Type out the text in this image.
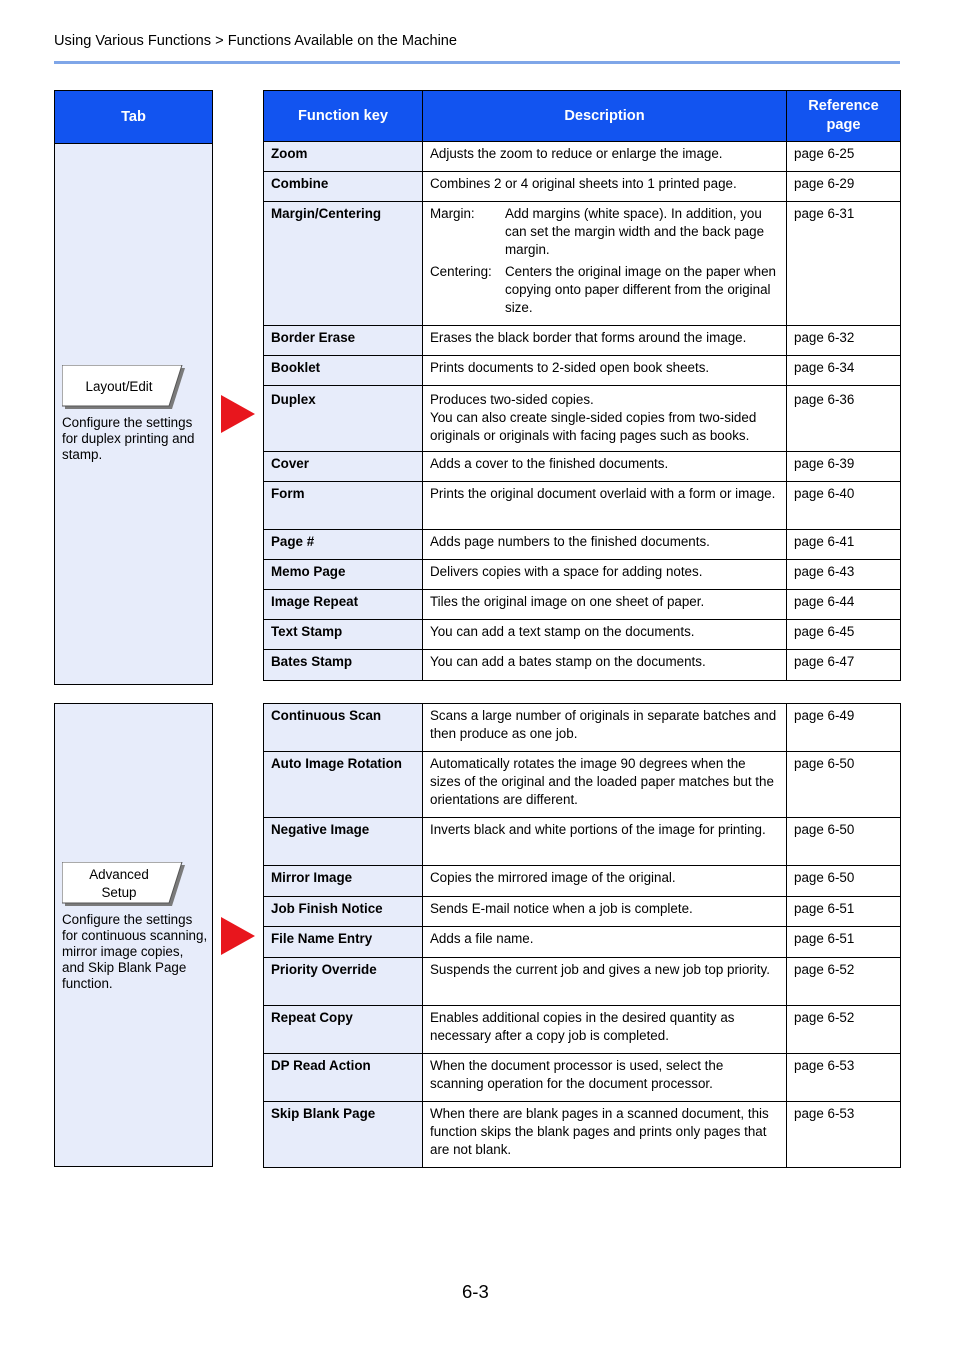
Using Various Functions > Functions Available on the Machine
Tab
Layout/Edit
Configure the settings for duplex printing and stamp.
Function key	Description	Reference page
Zoom	Adjusts the zoom to reduce or enlarge the image.	page 6-25
Combine	Combines 2 or 4 original sheets into 1 printed page.	page 6-29
Margin/Centering	Margin: Add margins (white space). In addition, you can set the margin width and the back page margin.
Centering: Centers the original image on the paper when copying onto paper different from the original size.	page 6-31
Border Erase	Erases the black border that forms around the image.	page 6-32
Booklet	Prints documents to 2-sided open book sheets.	page 6-34
Duplex	Produces two-sided copies.
You can also create single-sided copies from two-sided originals or originals with facing pages such as books.	page 6-36
Cover	Adds a cover to the finished documents.	page 6-39
Form	Prints the original document overlaid with a form or image.	page 6-40
Page #	Adds page numbers to the finished documents.	page 6-41
Memo Page	Delivers copies with a space for adding notes.	page 6-43
Image Repeat	Tiles the original image on one sheet of paper.	page 6-44
Text Stamp	You can add a text stamp on the documents.	page 6-45
Bates Stamp	You can add a bates stamp on the documents.	page 6-47
Advanced
Setup
Configure the settings for continuous scanning, mirror image copies, and Skip Blank Page function.
Continuous Scan	Scans a large number of originals in separate batches and then produce as one job.	page 6-49
Auto Image Rotation	Automatically rotates the image 90 degrees when the sizes of the original and the loaded paper matches but the orientations are different.	page 6-50
Negative Image	Inverts black and white portions of the image for printing.	page 6-50
Mirror Image	Copies the mirrored image of the original.	page 6-50
Job Finish Notice	Sends E-mail notice when a job is complete.	page 6-51
File Name Entry	Adds a file name.	page 6-51
Priority Override	Suspends the current job and gives a new job top priority.	page 6-52
Repeat Copy	Enables additional copies in the desired quantity as necessary after a copy job is completed.	page 6-52
DP Read Action	When the document processor is used, select the scanning operation for the document processor.	page 6-53
Skip Blank Page	When there are blank pages in a scanned document, this function skips the blank pages and prints only pages that are not blank.	page 6-53
6-3
